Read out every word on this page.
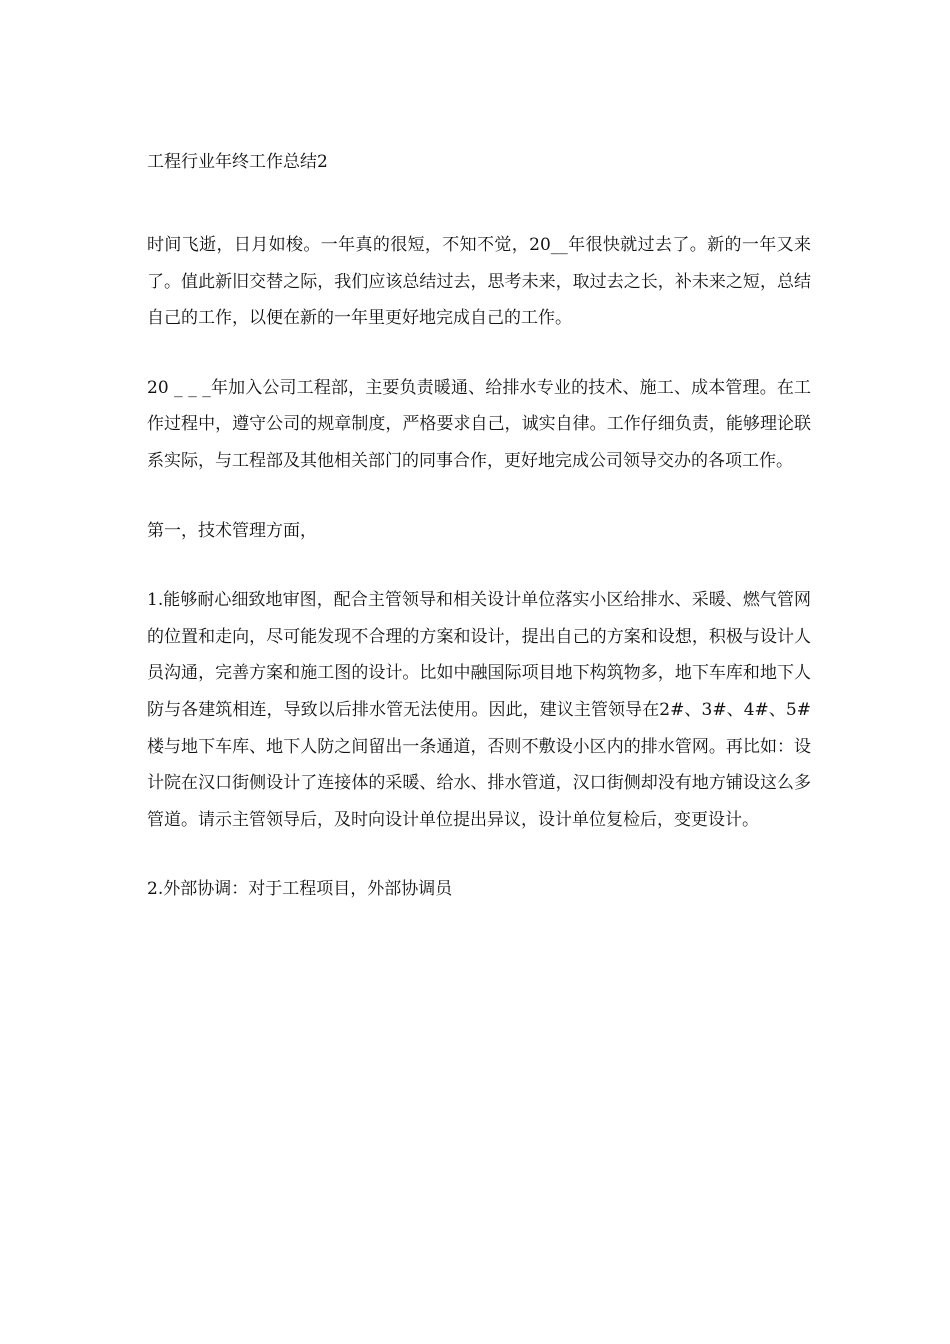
工程行业年终工作总结2

时间飞逝，日月如梭。一年真的很短，不知不觉，20__年很快就过去了。新的一年又来了。值此新旧交替之际，我们应该总结过去，思考未来，取过去之长，补未来之短，总结自己的工作，以便在新的一年里更好地完成自己的工作。

20 _ _ _年加入公司工程部，主要负责暖通、给排水专业的技术、施工、成本管理。在工作过程中，遵守公司的规章制度，严格要求自己，诚实自律。工作仔细负责，能够理论联系实际，与工程部及其他相关部门的同事合作，更好地完成公司领导交办的各项工作。

第一，技术管理方面，

1.能够耐心细致地审图，配合主管领导和相关设计单位落实小区给排水、采暖、燃气管网的位置和走向，尽可能发现不合理的方案和设计，提出自己的方案和设想，积极与设计人员沟通，完善方案和施工图的设计。比如中融国际项目地下构筑物多，地下车库和地下人防与各建筑相连，导致以后排水管无法使用。因此，建议主管领导在2#、3#、4#、5#楼与地下车库、地下人防之间留出一条通道，否则不敷设小区内的排水管网。再比如：设计院在汉口街侧设计了连接体的采暖、给水、排水管道，汉口街侧却没有地方铺设这么多管道。请示主管领导后，及时向设计单位提出异议，设计单位复检后，变更设计。

2.外部协调：对于工程项目，外部协调员
